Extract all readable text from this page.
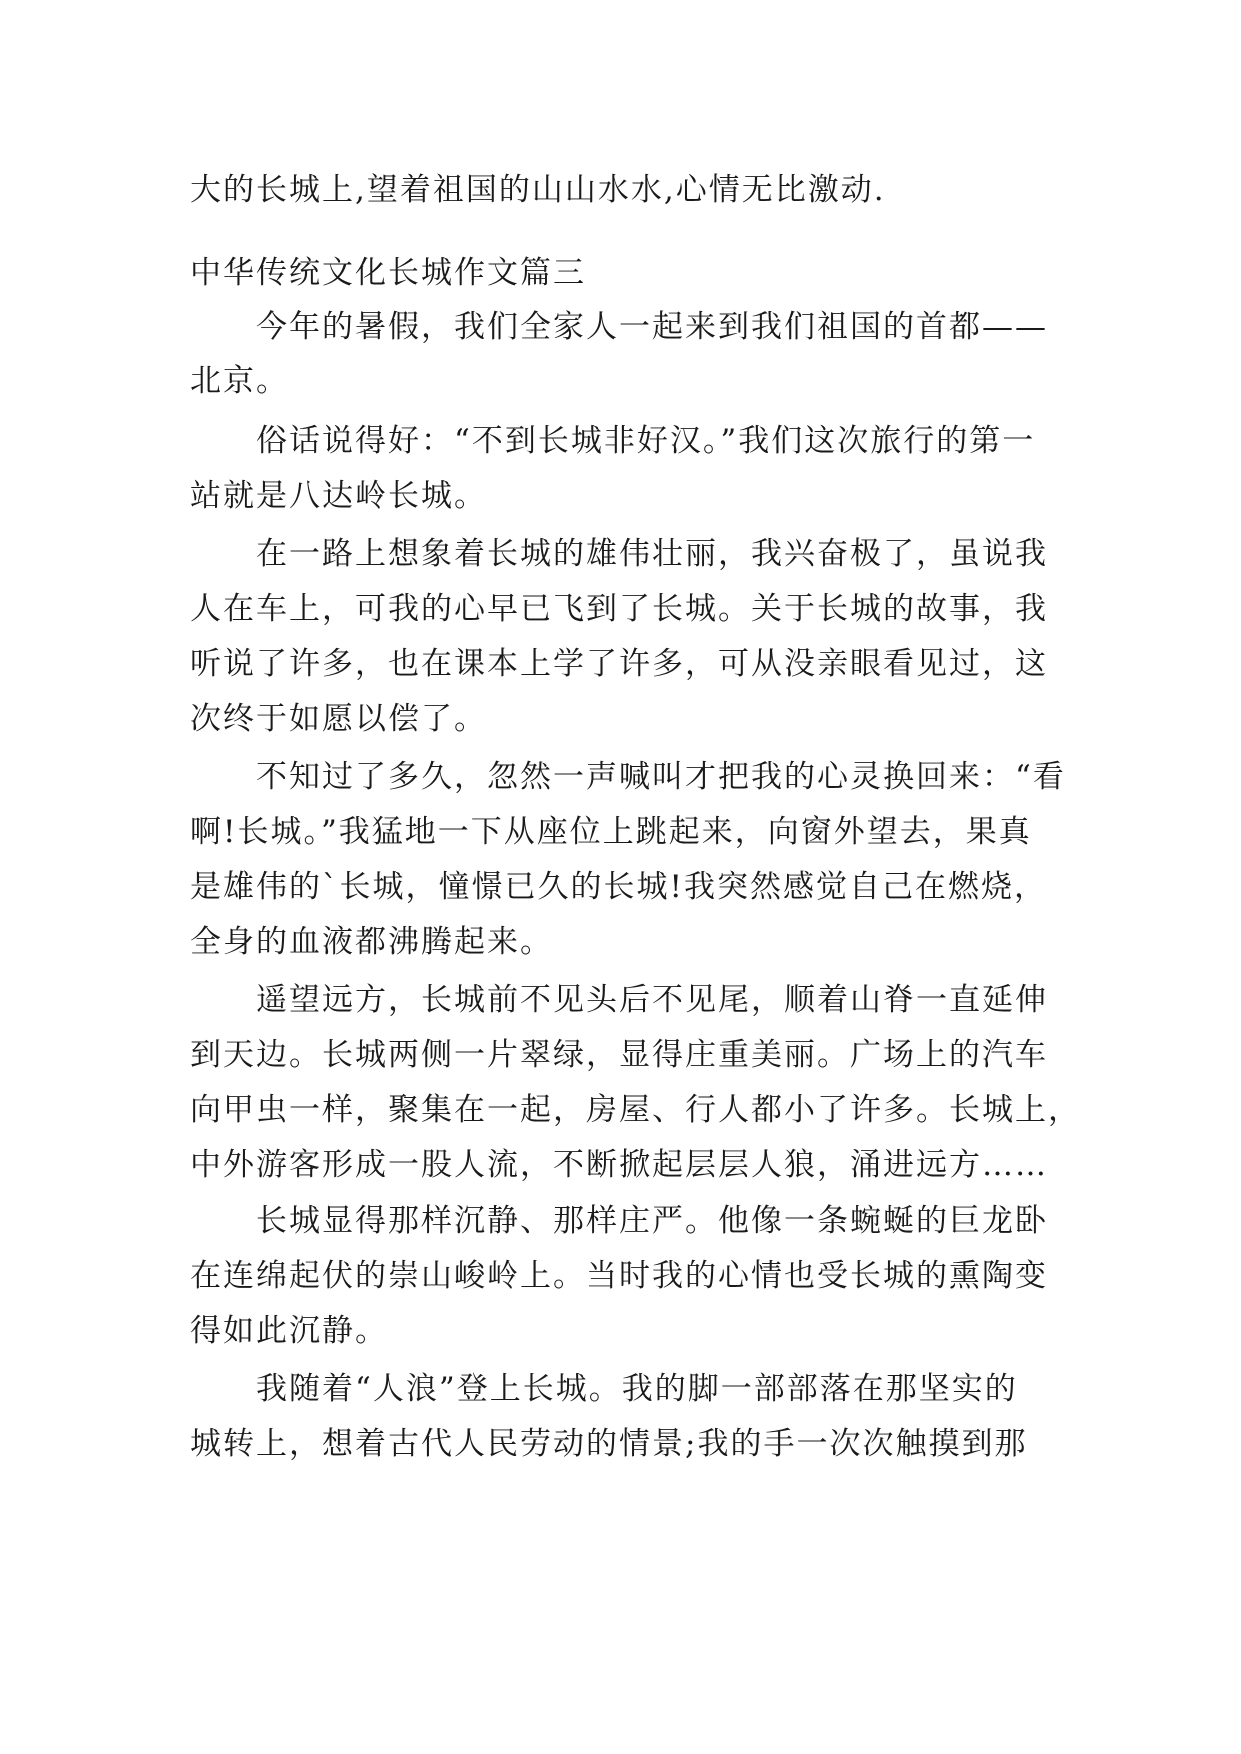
大的长城上,望着祖国的山山水水,心情无比激动.
中华传统文化长城作文篇三
今年的暑假，我们全家人一起来到我们祖国的首都——
北京。
俗话说得好：“不到长城非好汉。”我们这次旅行的第一
站就是八达岭长城。
在一路上想象着长城的雄伟壮丽，我兴奋极了，虽说我
人在车上，可我的心早已飞到了长城。关于长城的故事，我
听说了许多，也在课本上学了许多，可从没亲眼看见过，这
次终于如愿以偿了。
不知过了多久，忽然一声喊叫才把我的心灵换回来：“看
啊!长城。”我猛地一下从座位上跳起来，向窗外望去，果真
是雄伟的`长城，憧憬已久的长城!我突然感觉自己在燃烧，
全身的血液都沸腾起来。
遥望远方，长城前不见头后不见尾，顺着山脊一直延伸
到天边。长城两侧一片翠绿，显得庄重美丽。广场上的汽车
向甲虫一样，聚集在一起，房屋、行人都小了许多。长城上，
中外游客形成一股人流，不断掀起层层人狼，涌进远方……
长城显得那样沉静、那样庄严。他像一条蜿蜒的巨龙卧
在连绵起伏的崇山峻岭上。当时我的心情也受长城的熏陶变
得如此沉静。
我随着“人浪”登上长城。我的脚一部部落在那坚实的
城转上，想着古代人民劳动的情景;我的手一次次触摸到那
